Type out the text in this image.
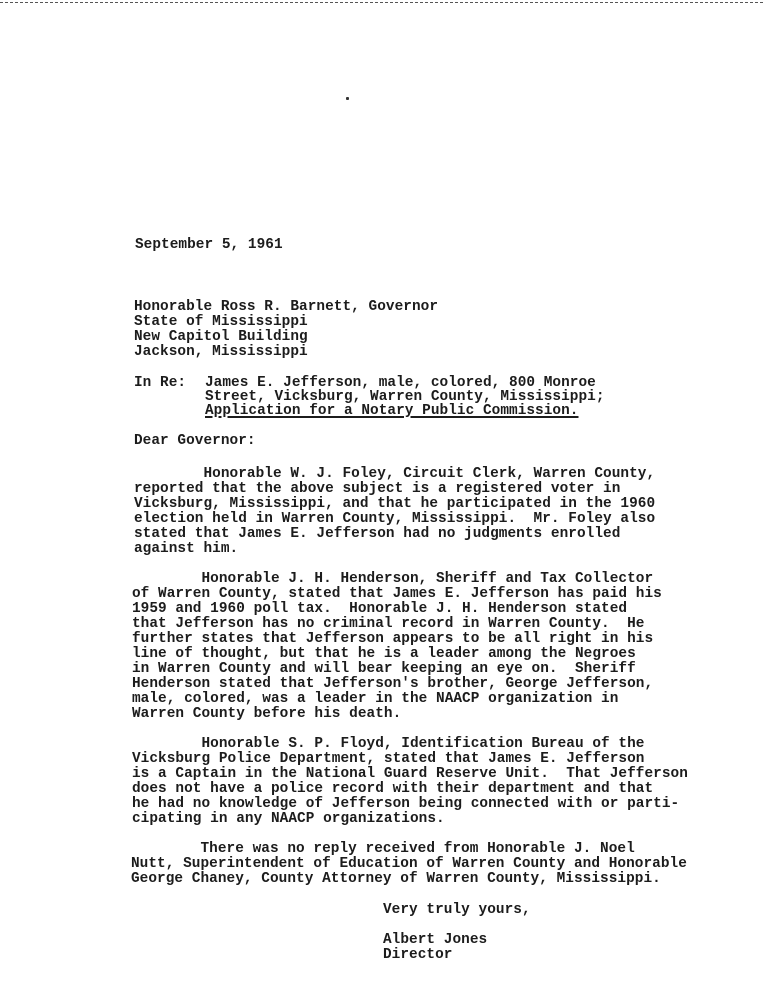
September 5, 1961
Honorable Ross R. Barnett, Governor
State of Mississippi
New Capitol Building
Jackson, Mississippi
In Re: James E. Jefferson, male, colored, 800 Monroe
Street, Vicksburg, Warren County, Mississippi;
Application for a Notary Public Commission.
Dear Governor:
Honorable W. J. Foley, Circuit Clerk, Warren County,
reported that the above subject is a registered voter in
Vicksburg, Mississippi, and that he participated in the 1960
election held in Warren County, Mississippi.  Mr. Foley also
stated that James E. Jefferson had no judgments enrolled
against him.
Honorable J. H. Henderson, Sheriff and Tax Collector
of Warren County, stated that James E. Jefferson has paid his
1959 and 1960 poll tax.  Honorable J. H. Henderson stated
that Jefferson has no criminal record in Warren County.  He
further states that Jefferson appears to be all right in his
line of thought, but that he is a leader among the Negroes
in Warren County and will bear keeping an eye on.  Sheriff
Henderson stated that Jefferson's brother, George Jefferson,
male, colored, was a leader in the NAACP organization in
Warren County before his death.
Honorable S. P. Floyd, Identification Bureau of the
Vicksburg Police Department, stated that James E. Jefferson
is a Captain in the National Guard Reserve Unit.  That Jefferson
does not have a police record with their department and that
he had no knowledge of Jefferson being connected with or parti-
cipating in any NAACP organizations.
There was no reply received from Honorable J. Noel
Nutt, Superintendent of Education of Warren County and Honorable
George Chaney, County Attorney of Warren County, Mississippi.
Very truly yours,
Albert Jones
Director
